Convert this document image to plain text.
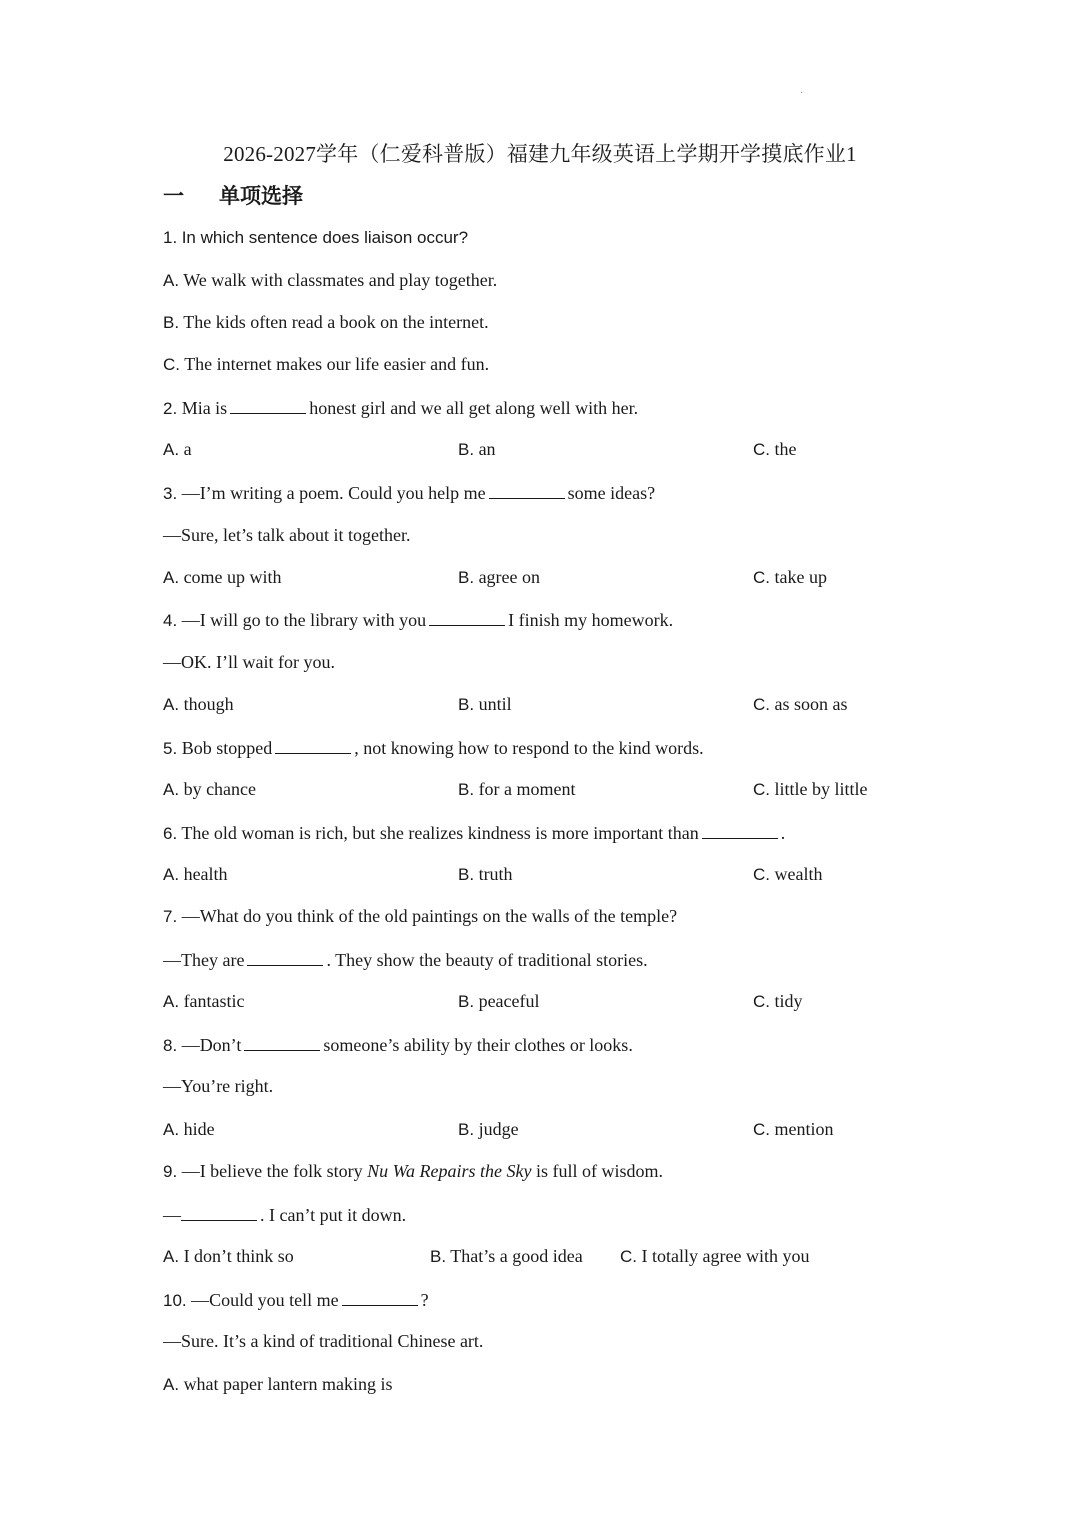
·
2026-2027学年（仁爱科普版）福建九年级英语上学期开学摸底作业1
一	单项选择
1. In which sentence does liaison occur?
A. We walk with classmates and play together.
B. The kids often read a book on the internet.
C. The internet makes our life easier and fun.
2. Mia is	honest girl and we all get along well with her.
A. a	B. an	C. the
3. —I’m writing a poem. Could you help me	some ideas?
—Sure, let’s talk about it together.
A. come up with	B. agree on	C. take up
4. —I will go to the library with you	I finish my homework.
—OK. I’ll wait for you.
A. though	B. until	C. as soon as
5. Bob stopped	, not knowing how to respond to the kind words.
A. by chance	B. for a moment	C. little by little
6. The old woman is rich, but she realizes kindness is more important than	.
A. health	B. truth	C. wealth
7. —What do you think of the old paintings on the walls of the temple?
—They are	. They show the beauty of traditional stories.
A. fantastic	B. peaceful	C. tidy
8. —Don’t	someone’s ability by their clothes or looks.
—You’re right.
A. hide	B. judge	C. mention
9. —I believe the folk story Nu Wa Repairs the Sky is full of wisdom.
—	. I can’t put it down.
A. I don’t think so	B. That’s a good idea C. I totally agree with you
10. —Could you tell me	?
—Sure. It’s a kind of traditional Chinese art.
A. what paper lantern making is
